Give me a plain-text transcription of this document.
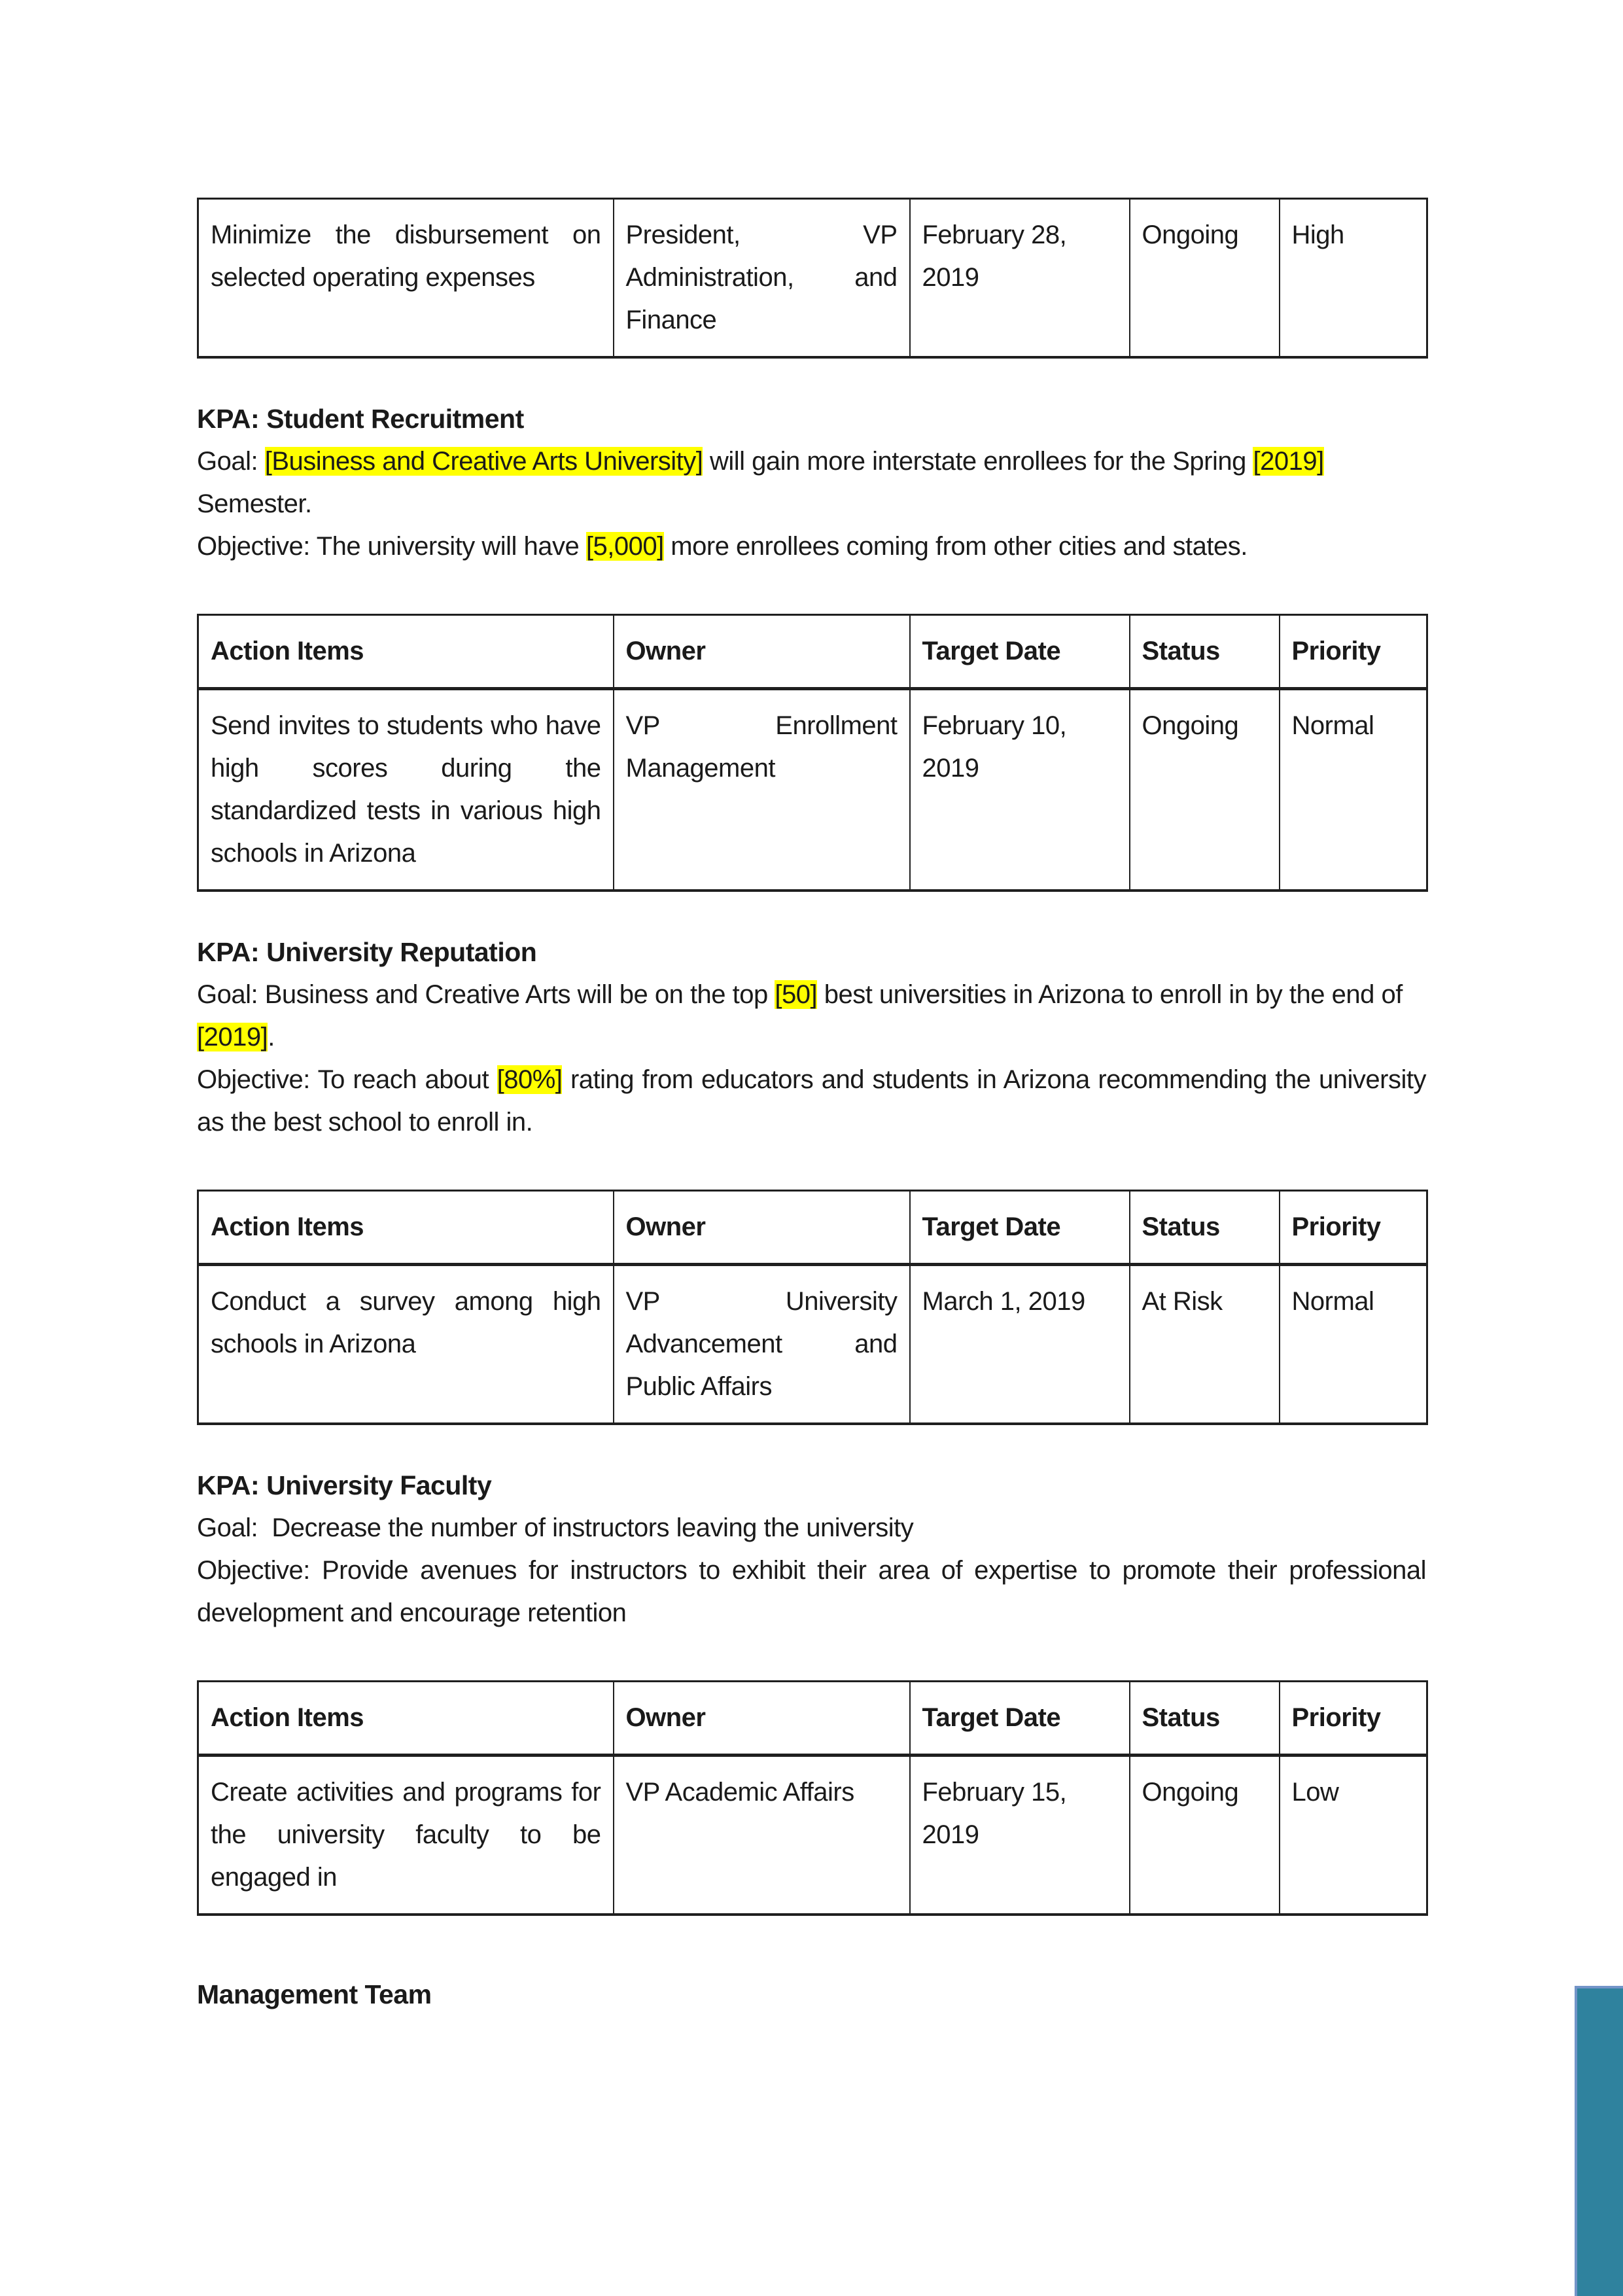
Minimize the disbursement on selected operating expenses	President, VP Administration, and Finance	February 28, 2019	Ongoing	High
KPA: Student Recruitment

Goal: [Business and Creative Arts University] will gain more interstate enrollees for the Spring [2019] Semester.

Objective: The university will have [5,000] more enrollees coming from other cities and states.

Action Items	Owner	Target Date	Status	Priority
Send invites to students who have high scores during the standardized tests in various high schools in Arizona	VP Enrollment Management	February 10, 2019	Ongoing	Normal
KPA: University Reputation

Goal: Business and Creative Arts will be on the top [50] best universities in Arizona to enroll in by the end of [2019].

Objective: To reach about [80%] rating from educators and students in Arizona recommending the university as the best school to enroll in.

Action Items	Owner	Target Date	Status	Priority
Conduct a survey among high schools in Arizona	VP University Advancement and Public Affairs	March 1, 2019	At Risk	Normal
KPA: University Faculty

Goal:  Decrease the number of instructors leaving the university

Objective: Provide avenues for instructors to exhibit their area of expertise to promote their professional development and encourage retention

Action Items	Owner	Target Date	Status	Priority
Create activities and programs for the university faculty to be engaged in	VP Academic Affairs	February 15, 2019	Ongoing	Low
Management Team
